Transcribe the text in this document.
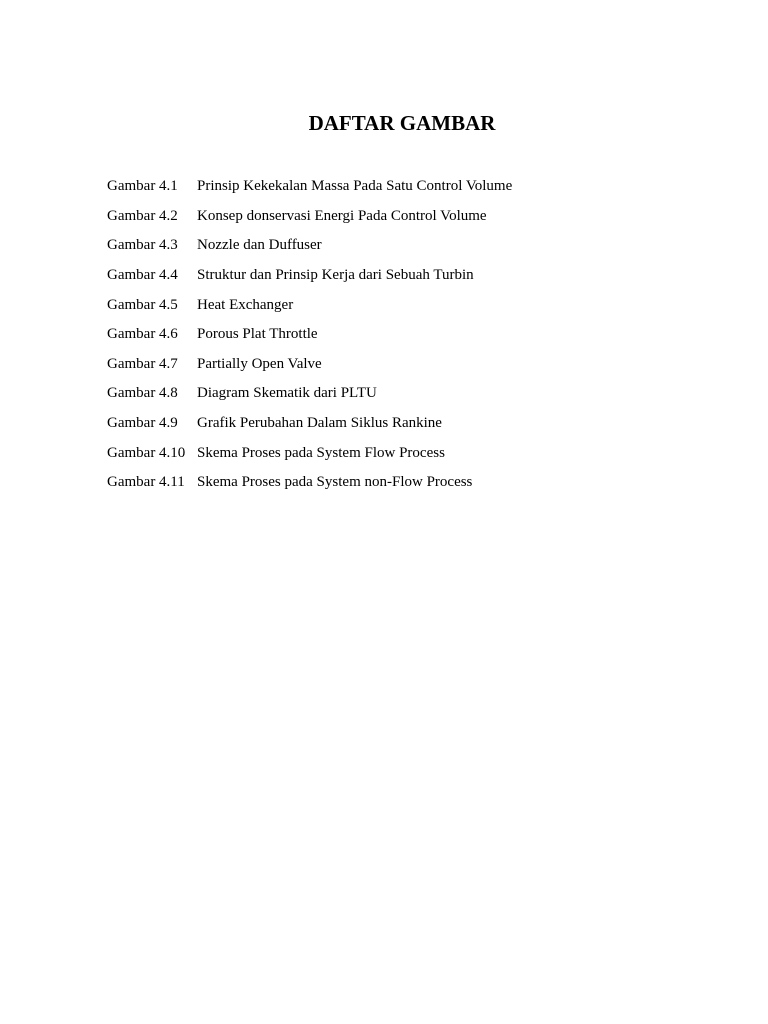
DAFTAR GAMBAR
Gambar 4.1	Prinsip Kekekalan Massa Pada Satu Control Volume
Gambar 4.2	Konsep donservasi Energi Pada Control Volume
Gambar 4.3	Nozzle dan Duffuser
Gambar 4.4	Struktur dan Prinsip Kerja dari Sebuah Turbin
Gambar 4.5	Heat Exchanger
Gambar 4.6	Porous Plat Throttle
Gambar 4.7	Partially Open Valve
Gambar 4.8	Diagram Skematik dari PLTU
Gambar 4.9	Grafik Perubahan Dalam Siklus Rankine
Gambar 4.10 Skema Proses pada System Flow Process
Gambar 4.11 Skema Proses pada System non-Flow Process
